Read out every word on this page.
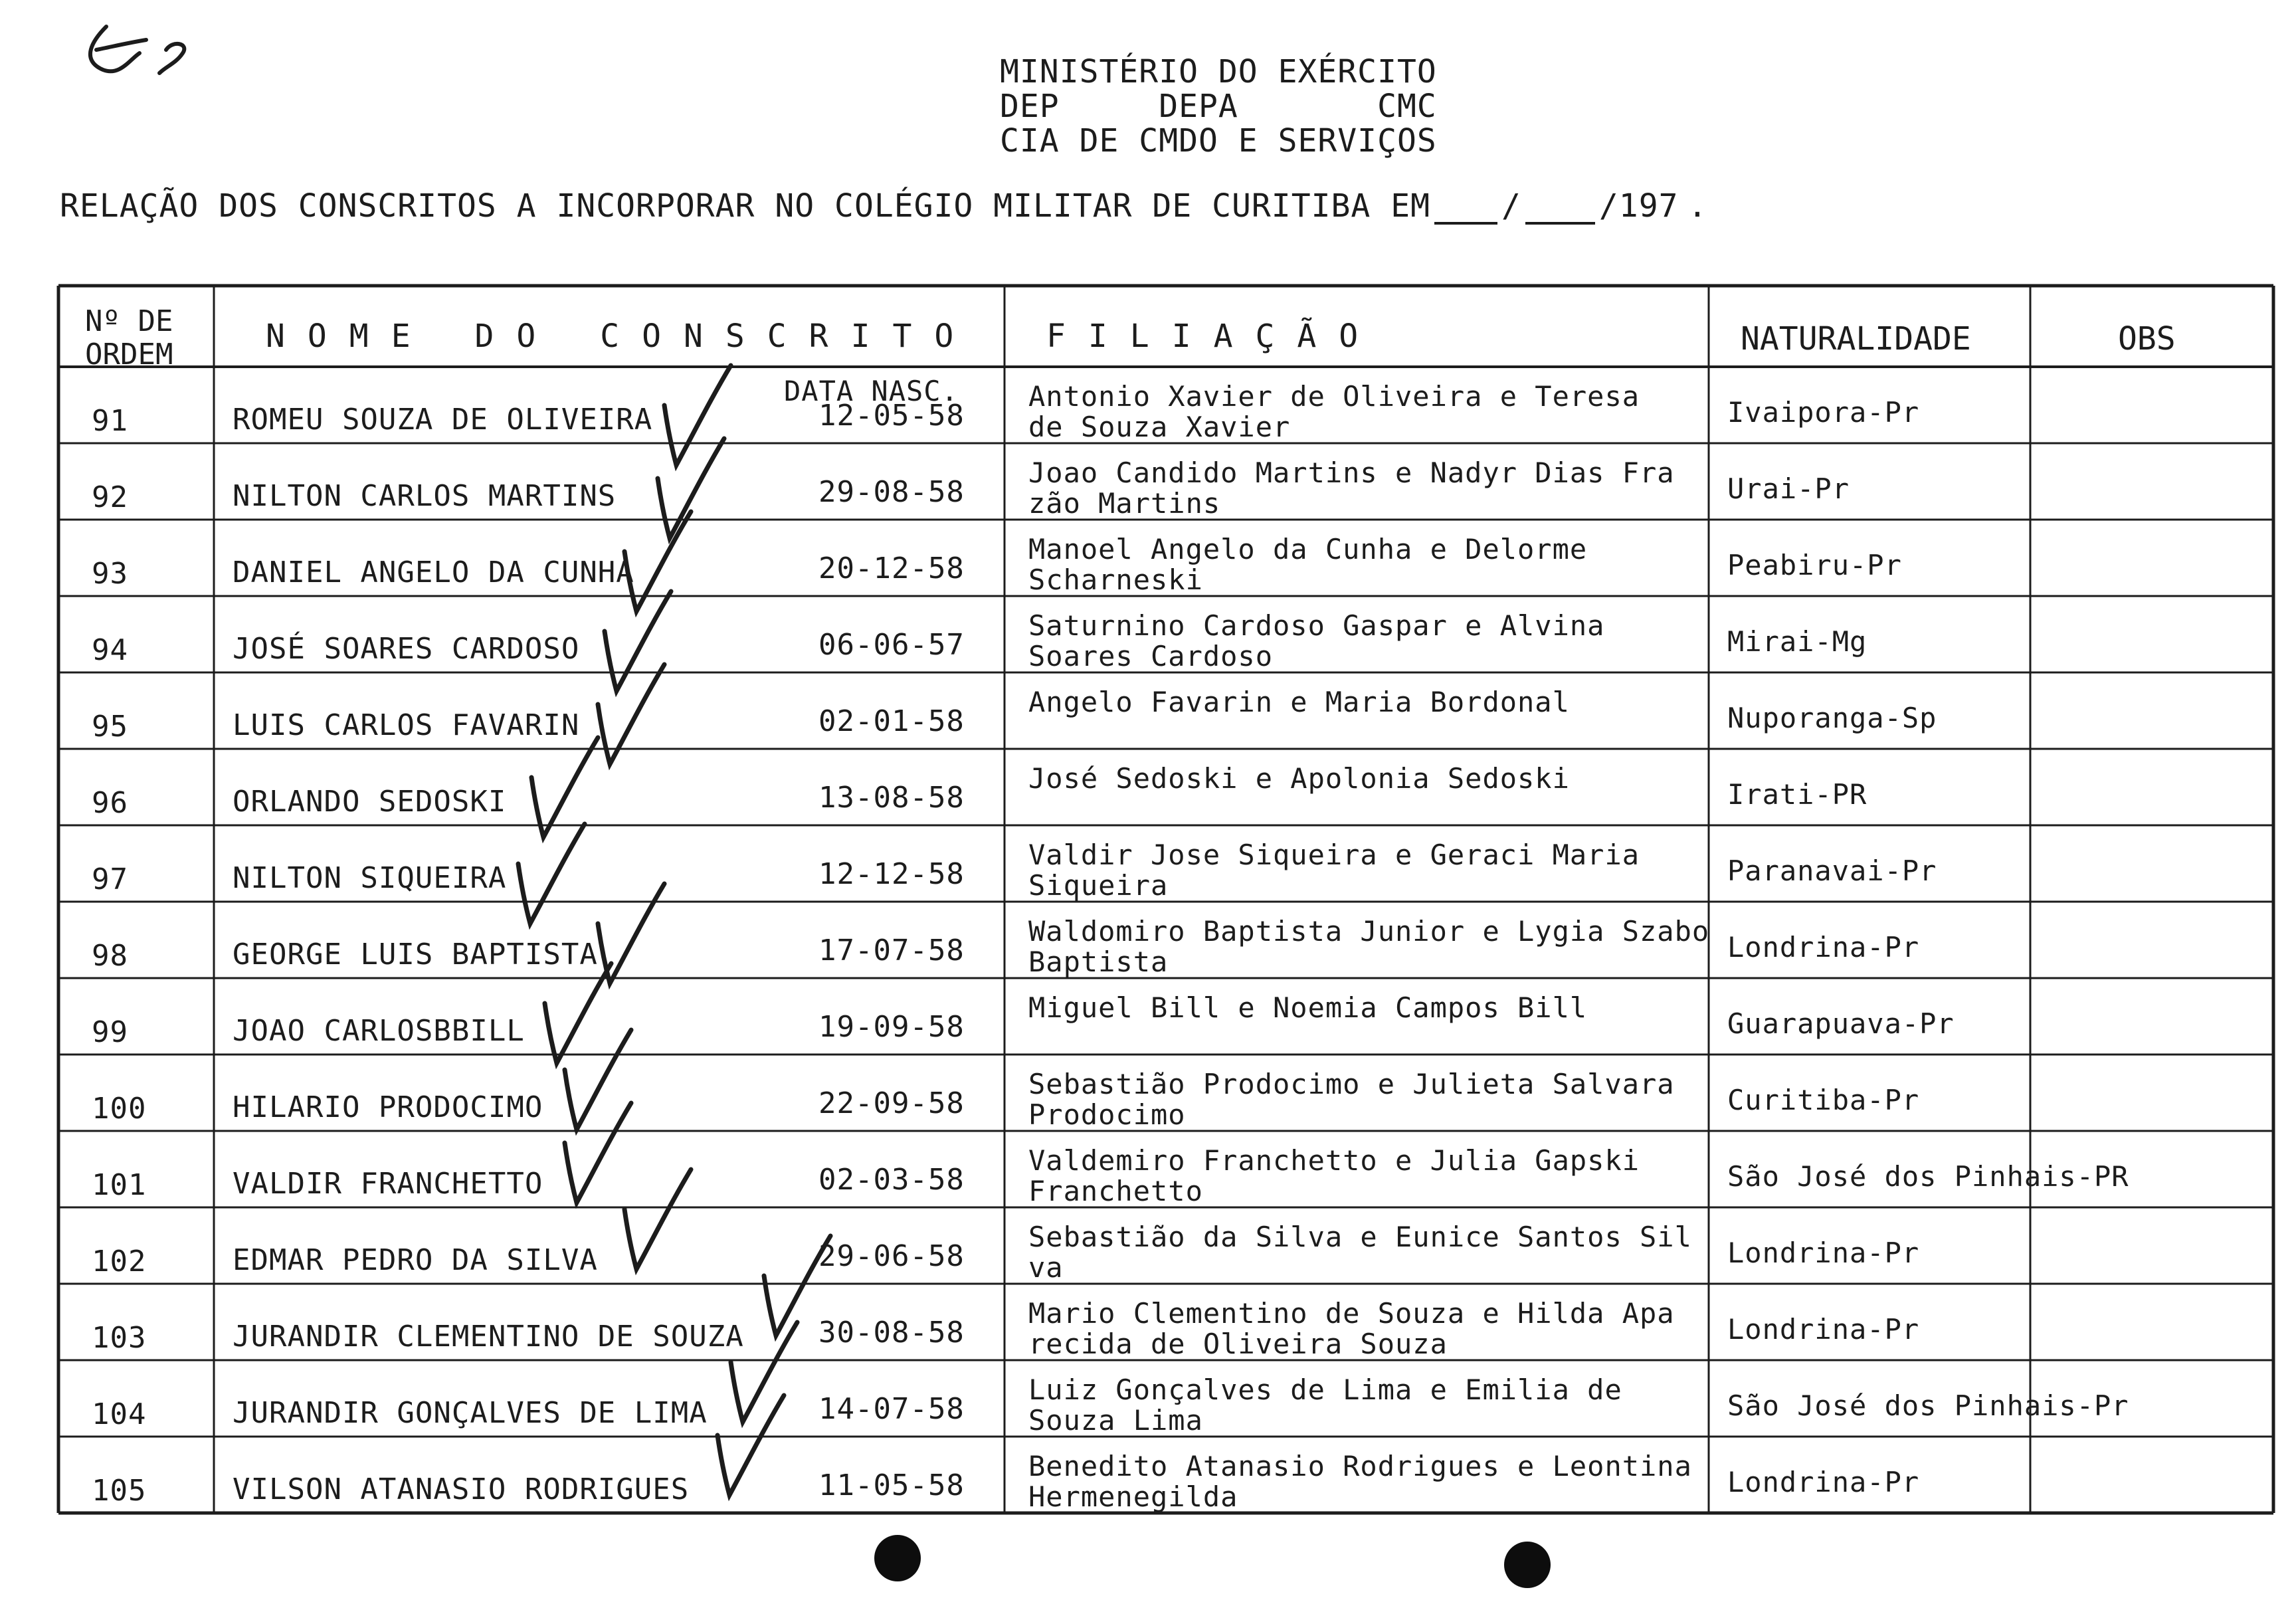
MINISTÉRIO DO EXÉRCITO
DEP     DEPA       CMC
CIA DE CMDO E SERVIÇOS
RELAÇÃO DOS CONSCRITOS A INCORPORAR NO COLÉGIO MILITAR DE CURITIBA EM / /197 .
Nº DE
ORDEM	NOME DO CONSCRITO FILIAÇÃO	NATURALIDADE	OBS
DATA NASC.
91	ROMEU SOUZA DE OLIVEIRA	12-05-58
Antonio Xavier de Oliveira e Teresa
de Souza Xavier	Ivaipora-Pr
92	NILTON CARLOS MARTINS	29-08-58
Joao Candido Martins e Nadyr Dias Fra
zão Martins	Urai-Pr
93	DANIEL ANGELO DA CUNHA	20-12-58
Manoel Angelo da Cunha e Delorme
Scharneski	Peabiru-Pr
94	JOSÉ SOARES CARDOSO	06-06-57
Saturnino Cardoso Gaspar e Alvina
Soares Cardoso	Mirai-Mg
95	LUIS CARLOS FAVARIN	02-01-58
Angelo Favarin e Maria Bordonal	Nuporanga-Sp
96	ORLANDO SEDOSKI	13-08-58
José Sedoski e Apolonia Sedoski	Irati-PR
97	NILTON SIQUEIRA	12-12-58
Valdir Jose Siqueira e Geraci Maria
Siqueira	Paranavai-Pr
98	GEORGE LUIS BAPTISTA	17-07-58
Waldomiro Baptista Junior e Lygia Szabo
Baptista	Londrina-Pr
99	JOAO CARLOSBBILL	19-09-58
Miguel Bill e Noemia Campos Bill	Guarapuava-Pr
100	HILARIO PRODOCIMO	22-09-58
Sebastião Prodocimo e Julieta Salvara
Prodocimo	Curitiba-Pr
101	VALDIR FRANCHETTO	02-03-58
Valdemiro Franchetto e Julia Gapski
Franchetto	São José dos Pinhais-PR
102	EDMAR PEDRO DA SILVA	29-06-58
Sebastião da Silva e Eunice Santos Sil
va	Londrina-Pr
103	JURANDIR CLEMENTINO DE SOUZA	30-08-58
Mario Clementino de Souza e Hilda Apa
recida de Oliveira Souza	Londrina-Pr
104	JURANDIR GONÇALVES DE LIMA	14-07-58
Luiz Gonçalves de Lima e Emilia de
Souza Lima	São José dos Pinhais-Pr
105	VILSON ATANASIO RODRIGUES	11-05-58
Benedito Atanasio Rodrigues e Leontina
Hermenegilda	Londrina-Pr
